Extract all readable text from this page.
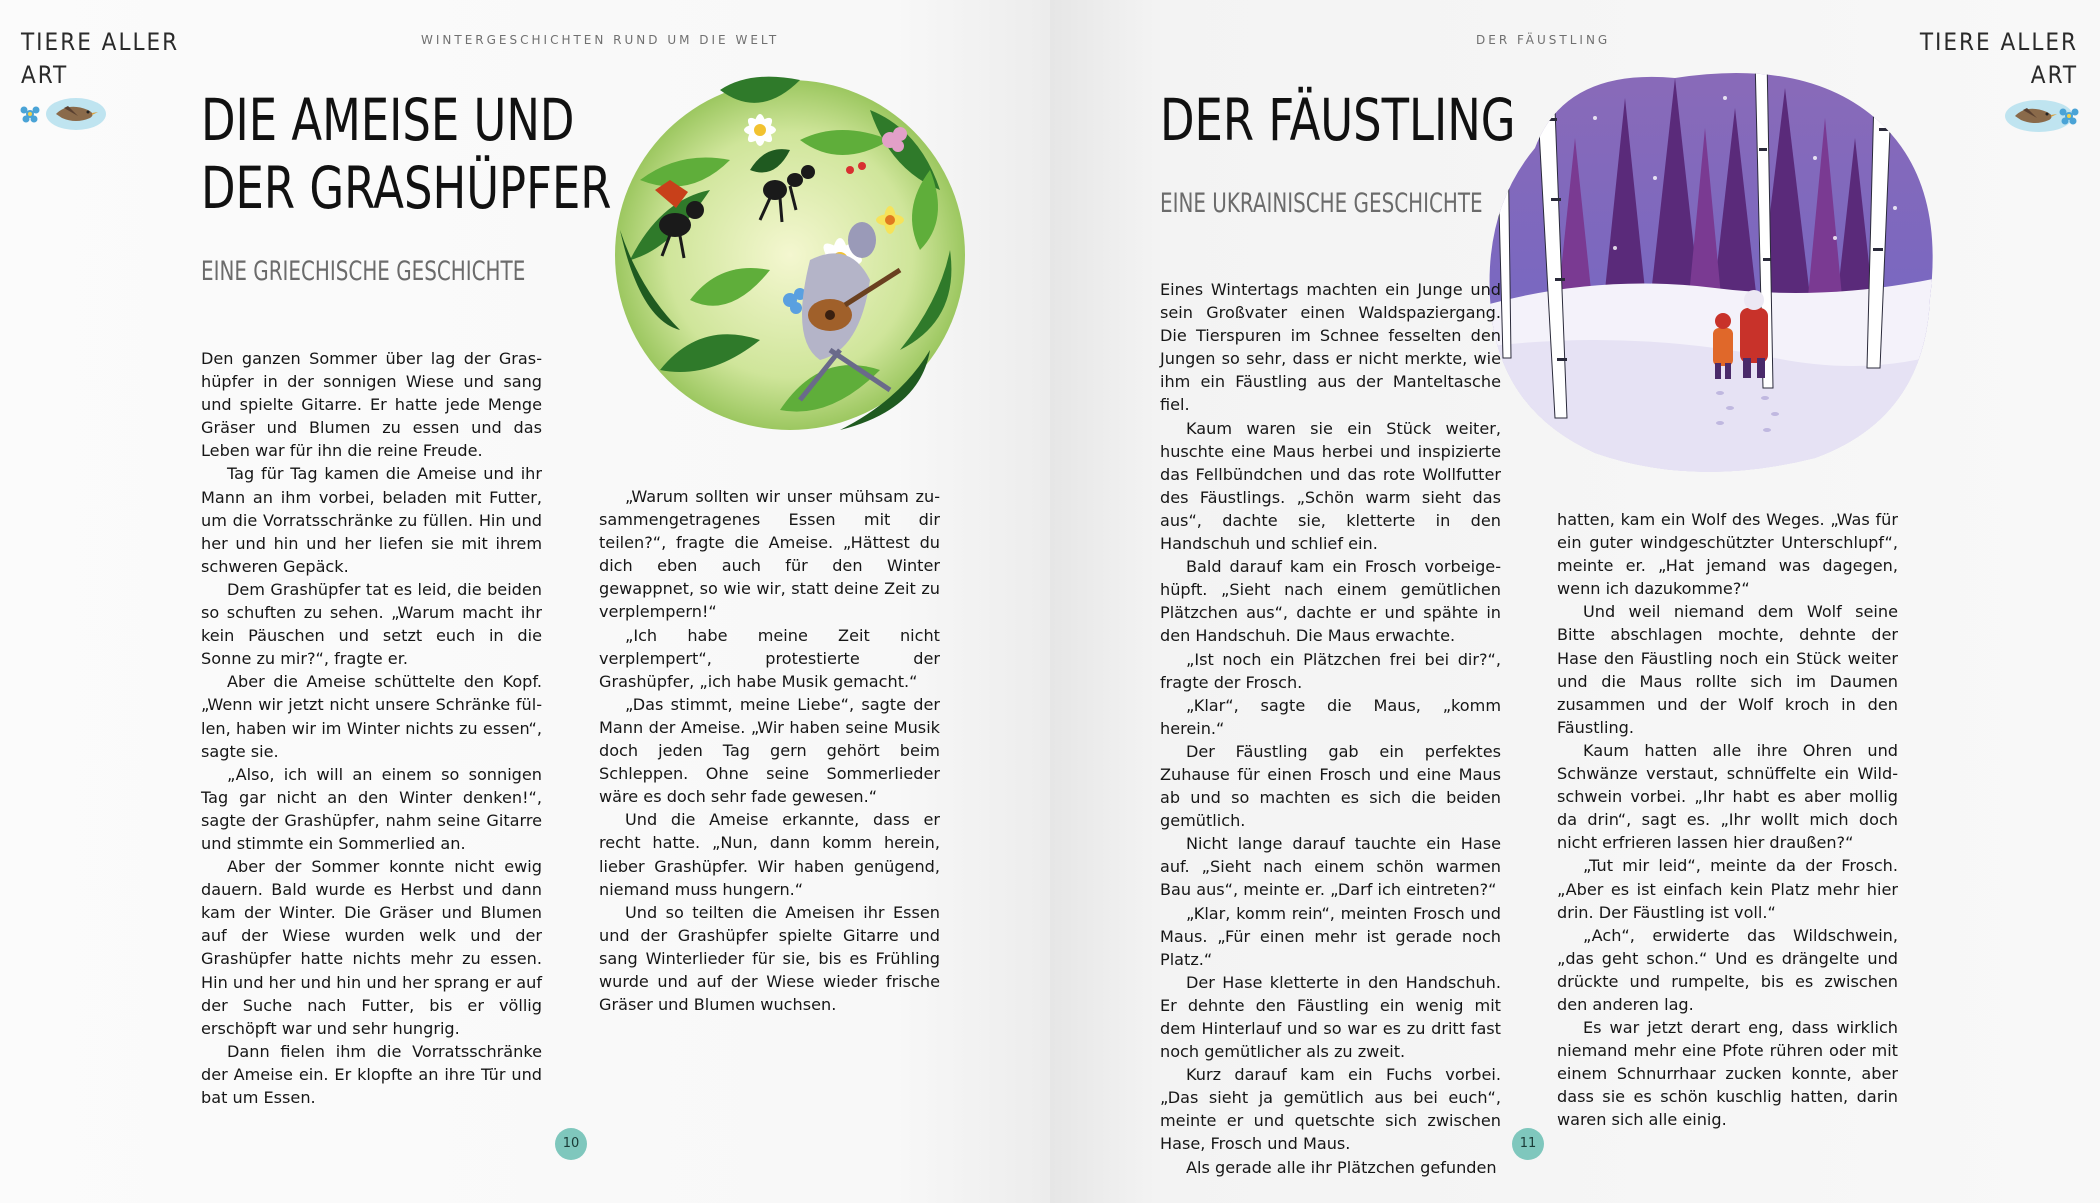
TIERE ALLER
ART
WINTERGESCHICHTEN RUND UM DIE WELT
DIE AMEISE UND
DER GRASHÜPFER
EINE GRIECHISCHE GESCHICHTE

Den ganzen Sommer über lag der Grashüpfer in der sonnigen Wiese und sang und spielte Gitarre. Er hatte jede Menge Gräser und Blumen zu essen und das Leben war für ihn die reine Freude.

Tag für Tag kamen die Ameise und ihr Mann an ihm vorbei, beladen mit Futter, um die Vorratsschränke zu füllen. Hin und her und hin und her liefen sie mit ihrem schweren Gepäck.

Dem Grashüpfer tat es leid, die beiden so schuften zu sehen. „Warum macht ihr kein Päuschen und setzt euch in die Sonne zu mir?“, fragte er.

Aber die Ameise schüttelte den Kopf. „Wenn wir jetzt nicht unsere Schränke füllen, haben wir im Winter nichts zu essen“, sagte sie.

„Also, ich will an einem so sonnigen Tag gar nicht an den Winter denken!“, sagte der Grashüpfer, nahm seine Gitarre und stimmte ein Sommerlied an.

Aber der Sommer konnte nicht ewig dauern. Bald wurde es Herbst und dann kam der Winter. Die Gräser und Blumen auf der Wiese wurden welk und der Grashüpfer hatte nichts mehr zu essen. Hin und her und hin und her sprang er auf der Suche nach Futter, bis er völlig erschöpft war und sehr hungrig.

Dann fielen ihm die Vorratsschränke der Ameise ein. Er klopfte an ihre Tür und bat um Essen.

„Warum sollten wir unser mühsam zusammengetragenes Essen mit dir teilen?“, fragte die Ameise. „Hättest du dich eben auch für den Winter gewappnet, so wie wir, statt deine Zeit zu verplempern!“

„Ich habe meine Zeit nicht verplempert“, protestierte der Grashüpfer, „ich habe Musik gemacht.“

„Das stimmt, meine Liebe“, sagte der Mann der Ameise. „Wir haben seine Musik doch jeden Tag gern gehört beim Schleppen. Ohne seine Sommerlieder wäre es doch sehr fade gewesen.“

Und die Ameise erkannte, dass er recht hatte. „Nun, dann komm herein, lieber Grashüpfer. Wir haben genügend, niemand muss hungern.“

Und so teilten die Ameisen ihr Essen und der Grashüpfer spielte Gitarre und sang Winterlieder für sie, bis es Frühling wurde und auf der Wiese wieder frische Gräser und Blumen wuchsen.

10
DER FÄUSTLING	TIERE ALLER
ART
DER FÄUSTLING
EINE UKRAINISCHE GESCHICHTE

Eines Wintertags machten ein Junge und sein Großvater einen Waldspaziergang. Die Tierspuren im Schnee fesselten den Jungen so sehr, dass er nicht merkte, wie ihm ein Fäustling aus der Manteltasche fiel.

Kaum waren sie ein Stück weiter, huschte eine Maus herbei und inspizierte das Fellbündchen und das rote Wollfutter des Fäustlings. „Schön warm sieht das aus“, dachte sie, kletterte in den Handschuh und schlief ein.

Bald darauf kam ein Frosch vorbeigehüpft. „Sieht nach einem gemütlichen Plätzchen aus“, dachte er und spähte in den Handschuh. Die Maus erwachte.

„Ist noch ein Plätzchen frei bei dir?“, fragte der Frosch.

„Klar“, sagte die Maus, „komm herein.“

Der Fäustling gab ein perfektes Zuhause für einen Frosch und eine Maus ab und so machten es sich die beiden gemütlich.

Nicht lange darauf tauchte ein Hase auf. „Sieht nach einem schön warmen Bau aus“, meinte er. „Darf ich eintreten?“

„Klar, komm rein“, meinten Frosch und Maus. „Für einen mehr ist gerade noch Platz.“

Der Hase kletterte in den Handschuh. Er dehnte den Fäustling ein wenig mit dem Hinterlauf und so war es zu dritt fast noch gemütlicher als zu zweit.

Kurz darauf kam ein Fuchs vorbei. „Das sieht ja gemütlich aus bei euch“, meinte er und quetschte sich zwischen Hase, Frosch und Maus.

Als gerade alle ihr Plätzchen gefunden

hatten, kam ein Wolf des Weges. „Was für ein guter windgeschützter Unterschlupf“, meinte er. „Hat jemand was dagegen, wenn ich dazukomme?“

Und weil niemand dem Wolf seine Bitte abschlagen mochte, dehnte der Hase den Fäustling noch ein Stück weiter und die Maus rollte sich im Daumen zusammen und der Wolf kroch in den Fäustling.

Kaum hatten alle ihre Ohren und Schwänze verstaut, schnüffelte ein Wildschwein vorbei. „Ihr habt es aber mollig da drin“, sagt es. „Ihr wollt mich doch nicht erfrieren lassen hier draußen?“

„Tut mir leid“, meinte da der Frosch. „Aber es ist einfach kein Platz mehr hier drin. Der Fäustling ist voll.“

„Ach“, erwiderte das Wildschwein, „das geht schon.“ Und es drängelte und drückte und rumpelte, bis es zwischen den anderen lag.

Es war jetzt derart eng, dass wirklich niemand mehr eine Pfote rühren oder mit einem Schnurrhaar zucken konnte, aber dass sie es schön kuschlig hatten, darin waren sich alle einig.

11
